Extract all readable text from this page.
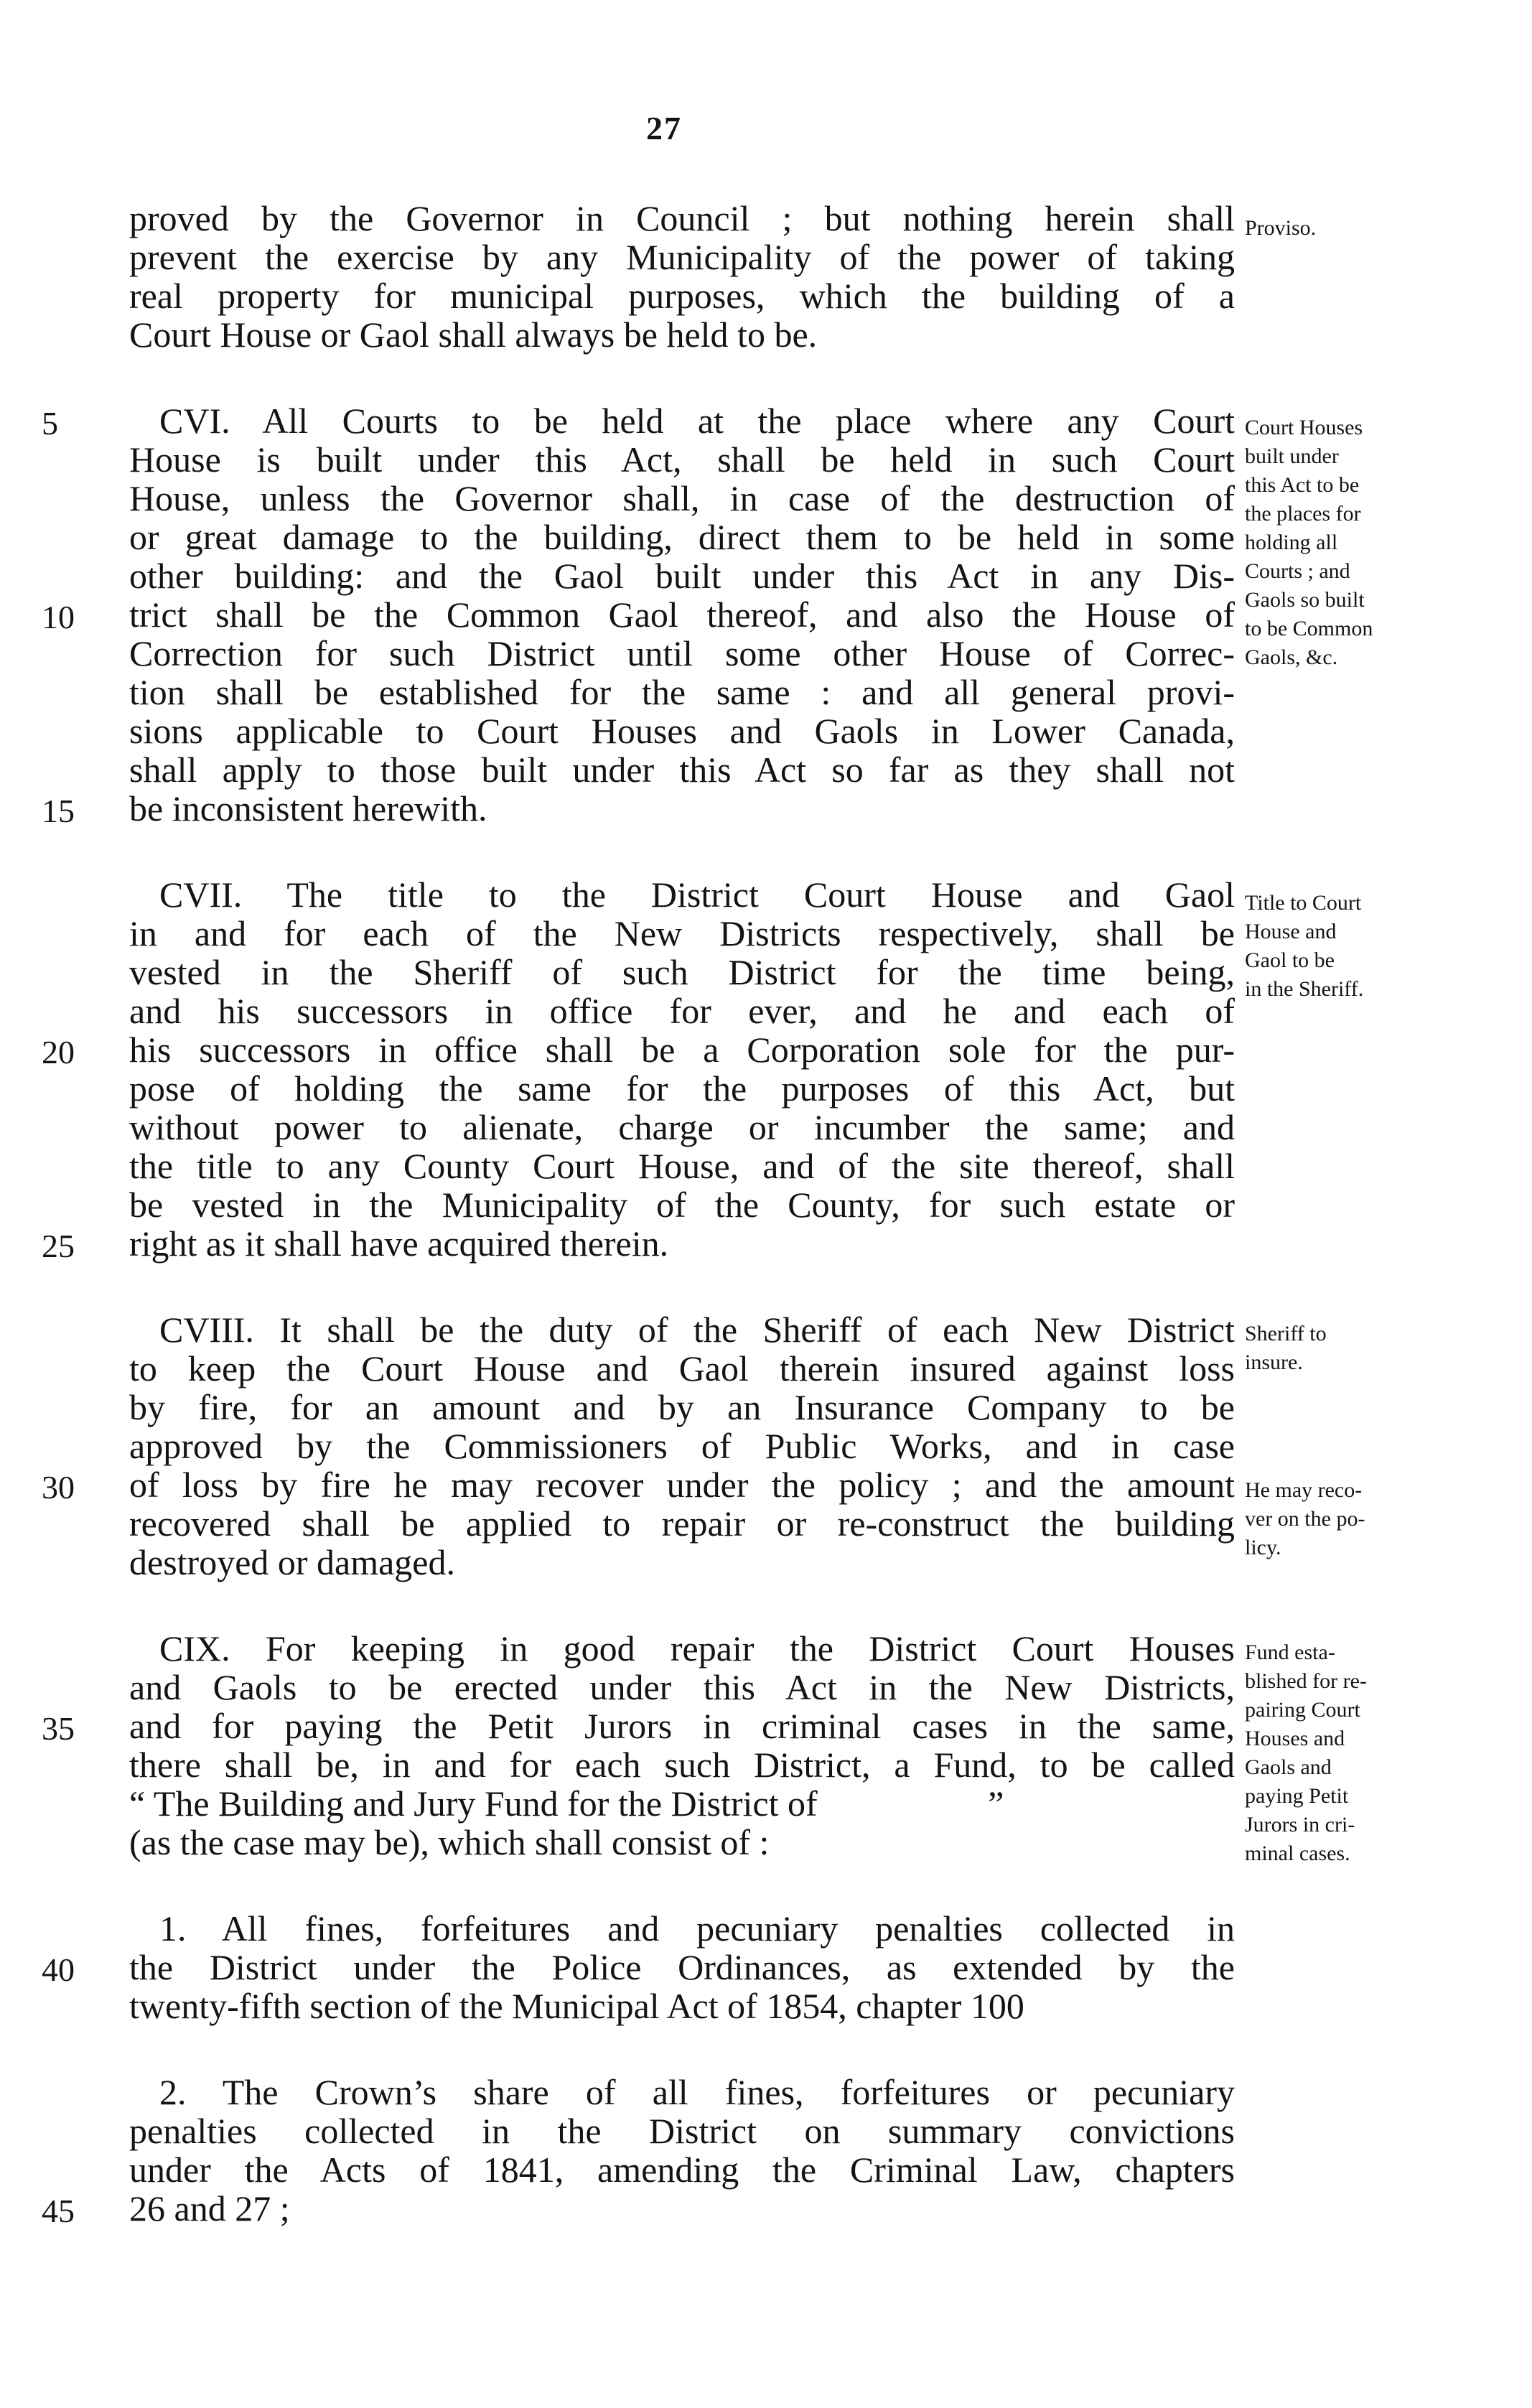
27
proved by the Governor in Council ; but nothing herein shall
prevent the exercise by any Municipality of the power of taking
real property for municipal purposes, which the building of a
Court House or Gaol shall always be held to be.
CVI. All Courts to be held at the place where any Court
House is built under this Act, shall be held in such Court
House, unless the Governor shall, in case of the destruction of
or great damage to the building, direct them to be held in some
other building: and the Gaol built under this Act in any Dis-
trict shall be the Common Gaol thereof, and also the House of
Correction for such District until some other House of Correc-
tion shall be established for the same : and all general provi-
sions applicable to Court Houses and Gaols in Lower Canada,
shall apply to those built under this Act so far as they shall not
be inconsistent herewith.
CVII. The title to the District Court House and Gaol
in and for each of the New Districts respectively, shall be
vested in the Sheriff of such District for the time being,
and his successors in office for ever, and he and each of
his successors in office shall be a Corporation sole for the pur-
pose of holding the same for the purposes of this Act, but
without power to alienate, charge or incumber the same; and
the title to any County Court House, and of the site thereof, shall
be vested in the Municipality of the County, for such estate or
right as it shall have acquired therein.
CVIII. It shall be the duty of the Sheriff of each New District
to keep the Court House and Gaol therein insured against loss
by fire, for an amount and by an Insurance Company to be
approved by the Commissioners of Public Works, and in case
of loss by fire he may recover under the policy ; and the amount
recovered shall be applied to repair or re-construct the building
destroyed or damaged.
CIX. For keeping in good repair the District Court Houses
and Gaols to be erected under this Act in the New Districts,
and for paying the Petit Jurors in criminal cases in the same,
there shall be, in and for each such District, a Fund, to be called
“ The Building and Jury Fund for the District of                   ”
(as the case may be), which shall consist of :
1. All fines, forfeitures and pecuniary penalties collected in
the District under the Police Ordinances, as extended by the
twenty-fifth section of the Municipal Act of 1854, chapter 100
2. The Crown’s share of all fines, forfeitures or pecuniary
penalties collected in the District on summary convictions
under the Acts of 1841, amending the Criminal Law, chapters
26 and 27 ;
5
10
15
20
25
30
35
40
45
Proviso.
Court Houses
built under
this Act to be
the places for
holding all
Courts ; and
Gaols so built
to be Common
Gaols, &c.
Title to Court
House and
Gaol to be
in the Sheriff.
Sheriff to
insure.
He may reco-
ver on the po-
licy.
Fund esta-
blished for re-
pairing Court
Houses and
Gaols and
paying Petit
Jurors in cri-
minal cases.
